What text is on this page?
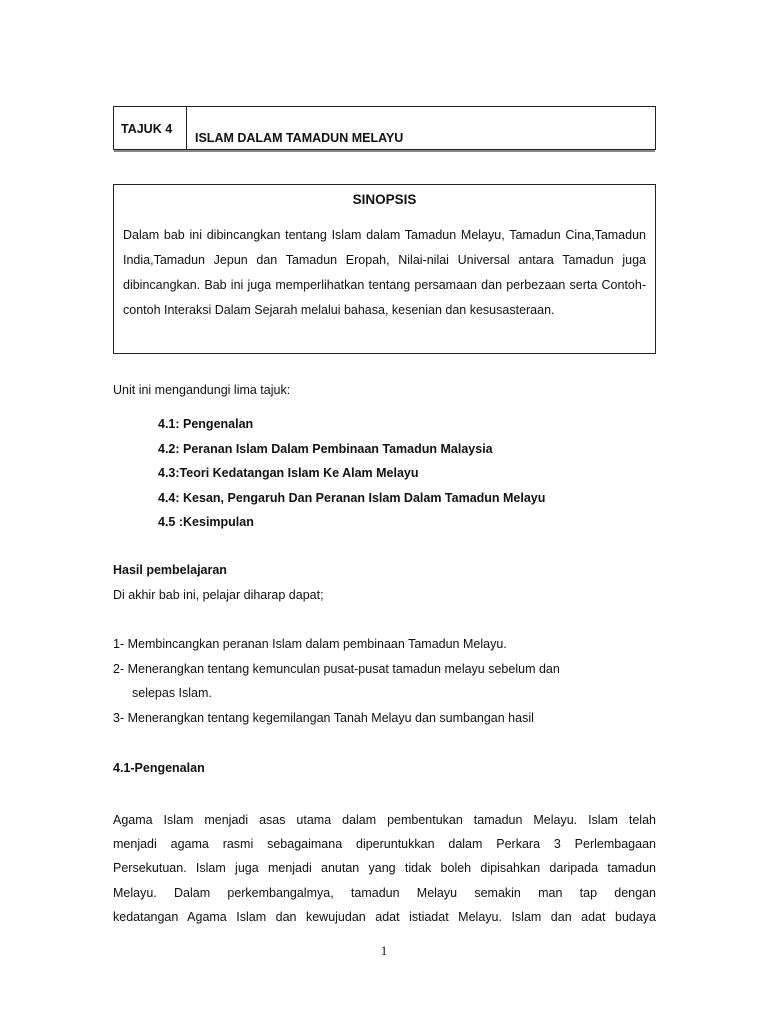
TAJUK 4
ISLAM DALAM TAMADUN MELAYU
SINOPSIS
Dalam bab ini dibincangkan tentang Islam dalam Tamadun Melayu, Tamadun Cina,Tamadun India,Tamadun Jepun dan Tamadun Eropah, Nilai-nilai Universal antara Tamadun juga dibincangkan. Bab ini juga memperlihatkan tentang persamaan dan perbezaan serta Contoh-contoh Interaksi Dalam Sejarah melalui bahasa, kesenian dan kesusasteraan.
Unit ini mengandungi lima tajuk:
4.1: Pengenalan
4.2: Peranan Islam Dalam Pembinaan Tamadun Malaysia
4.3:Teori Kedatangan Islam Ke Alam Melayu
4.4: Kesan, Pengaruh Dan Peranan Islam Dalam Tamadun Melayu
4.5 :Kesimpulan
Hasil pembelajaran
Di akhir bab ini, pelajar diharap dapat;
1- Membincangkan peranan Islam dalam pembinaan Tamadun Melayu.
2- Menerangkan tentang kemunculan pusat-pusat tamadun melayu sebelum dan
selepas Islam.
3- Menerangkan tentang kegemilangan Tanah Melayu dan sumbangan hasil
4.1-Pengenalan
Agama Islam menjadi asas utama dalam pembentukan tamadun Melayu. Islam telah
menjadi agama rasmi sebagaimana diperuntukkan dalam Perkara 3 Perlembagaan
Persekutuan. Islam juga menjadi anutan yang tidak boleh dipisahkan daripada tamadun
Melayu. Dalam perkembangalmya, tamadun Melayu semakin man tap dengan
kedatangan Agama Islam dan kewujudan adat istiadat Melayu. Islam dan adat budaya
1
